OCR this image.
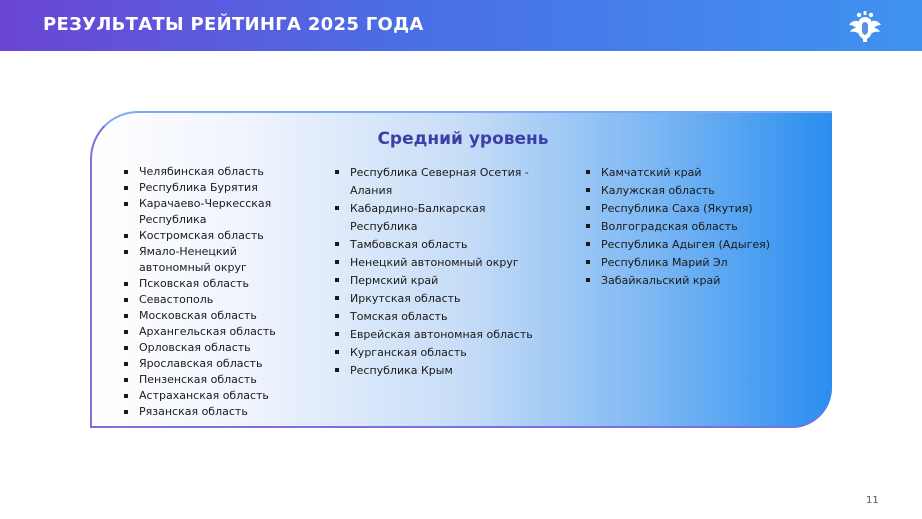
РЕЗУЛЬТАТЫ РЕЙТИНГА 2025 ГОДА
Средний уровень
Челябинская область
Республика Бурятия
Карачаево-Черкесская Республика
Костромская область
Ямало-Ненецкий автономный округ
Псковская область
Севастополь
Московская область
Архангельская область
Орловская область
Ярославская область
Пензенская область
Астраханская область
Рязанская область
Республика Северная Осетия - Алания
Кабардино-Балкарская Республика
Тамбовская область
Ненецкий автономный округ
Пермский край
Иркутская область
Томская область
Еврейская автономная область
Курганская область
Республика Крым
Камчатский край
Калужская область
Республика Саха (Якутия)
Волгоградская область
Республика Адыгея (Адыгея)
Республика Марий Эл
Забайкальский край
11
